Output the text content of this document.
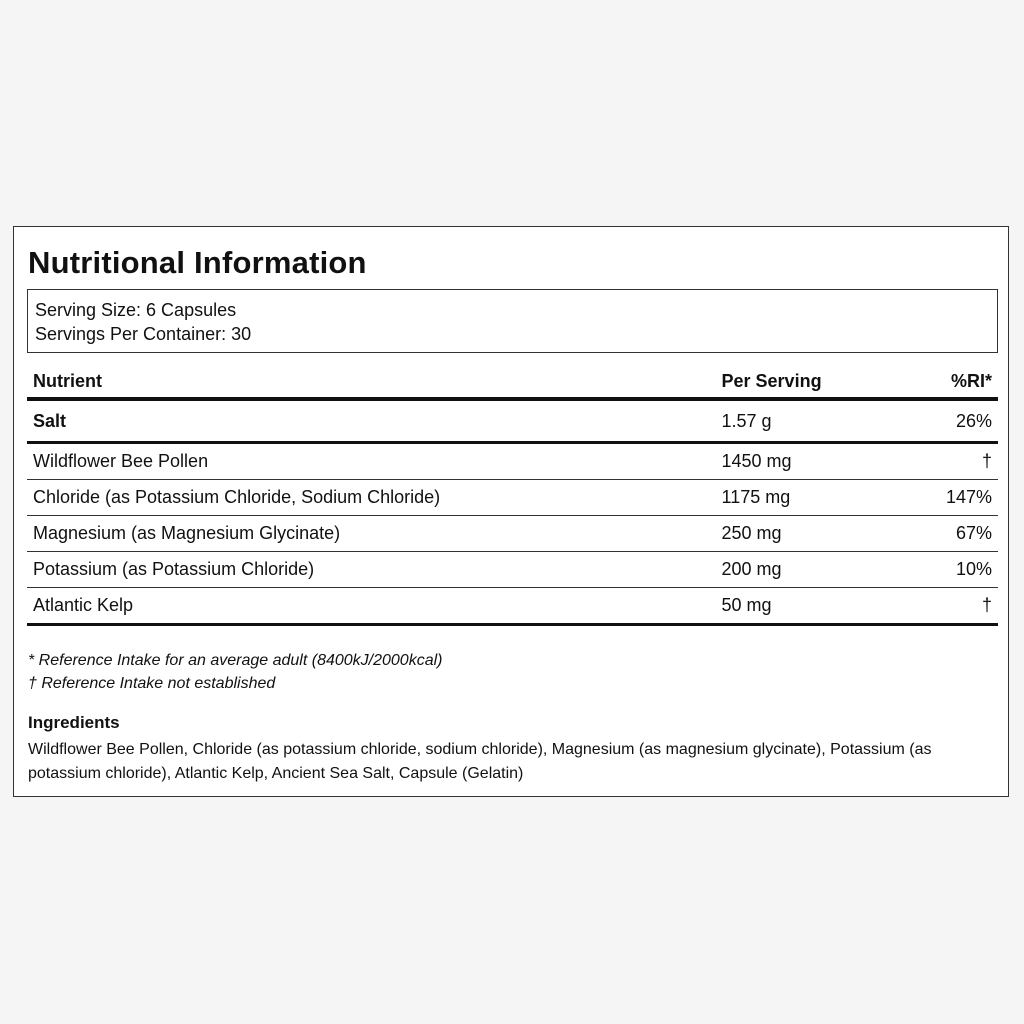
Nutritional Information
Serving Size: 6 Capsules
Servings Per Container: 30
Nutrient	Per Serving	%RI*
Salt	1.57 g	26%
Wildflower Bee Pollen	1450 mg	†
Chloride (as Potassium Chloride, Sodium Chloride)	1175 mg	147%
Magnesium (as Magnesium Glycinate)	250 mg	67%
Potassium (as Potassium Chloride)	200 mg	10%
Atlantic Kelp	50 mg	†
* Reference Intake for an average adult (8400kJ/2000kcal)
† Reference Intake not established
Ingredients
Wildflower Bee Pollen, Chloride (as potassium chloride, sodium chloride), Magnesium (as magnesium glycinate), Potassium (as potassium chloride), Atlantic Kelp, Ancient Sea Salt, Capsule (Gelatin)
